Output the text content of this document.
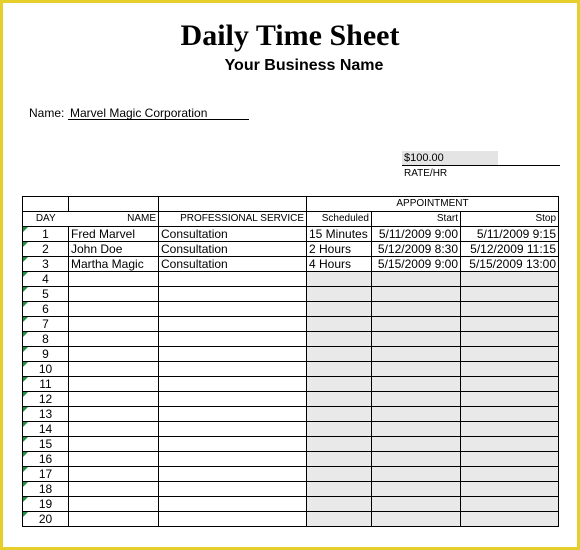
Daily Time Sheet
Your Business Name
Name: Marvel Magic Corporation
$100.00
RATE/HR
			APPOINTMENT		
DAY	NAME	PROFESSIONAL SERVICE	Scheduled	Start	Stop

1	Fred Marvel	Consultation	15 Minutes	5/11/2009 9:00	5/11/2009 9:15

2	John Doe	Consultation	2 Hours	5/12/2009 8:30	5/12/2009 11:15

3	Martha Magic	Consultation	4 Hours	5/15/2009 9:00	5/15/2009 13:00

4					

5					

6					

7					

8					

9					

10					

11					

12					

13					

14					

15					

16					

17					

18					

19					

20					
